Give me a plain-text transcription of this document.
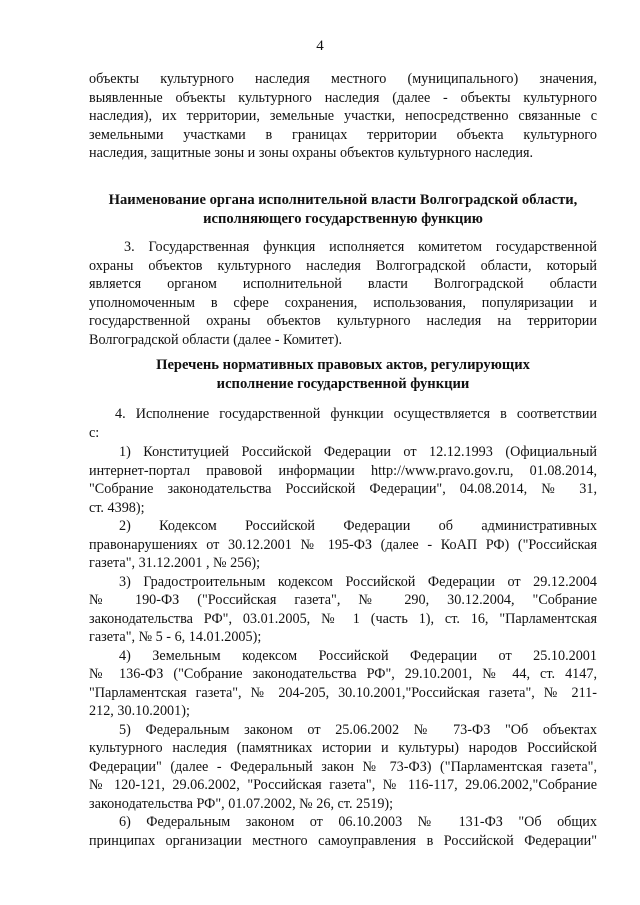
4
объекты культурного наследия местного (муниципального) значения,
выявленные объекты культурного наследия (далее - объекты культурного
наследия), их территории, земельные участки, непосредственно связанные с
земельными участками в границах территории объекта культурного
наследия, защитные зоны и зоны охраны объектов культурного наследия.
Наименование органа исполнительной власти Волгоградской области,
исполняющего государственную функцию
3. Государственная функция исполняется комитетом государственной
охраны объектов культурного наследия Волгоградской области, который
является органом исполнительной власти Волгоградской области
уполномоченным в сфере сохранения, использования, популяризации и
государственной охраны объектов культурного наследия на территории
Волгоградской области (далее - Комитет).
Перечень нормативных правовых актов, регулирующих
исполнение государственной функции
4. Исполнение государственной функции осуществляется в соответствии
с:
1) Конституцией Российской Федерации от 12.12.1993 (Официальный
интернет-портал правовой информации http://www.pravo.gov.ru, 01.08.2014,
"Собрание законодательства Российской Федерации", 04.08.2014, № 31,
ст. 4398);
2) Кодексом Российской Федерации об административных
правонарушениях от 30.12.2001 № 195-ФЗ (далее - КоАП РФ) ("Российская
газета", 31.12.2001 , № 256);
3) Градостроительным кодексом Российской Федерации от 29.12.2004
№ 190-ФЗ ("Российская газета", № 290, 30.12.2004, "Собрание
законодательства РФ", 03.01.2005, № 1 (часть 1), ст. 16, "Парламентская
газета", № 5 - 6, 14.01.2005);
4) Земельным кодексом Российской Федерации от 25.10.2001
№ 136-ФЗ ("Собрание законодательства РФ", 29.10.2001, № 44, ст. 4147,
"Парламентская газета", № 204-205, 30.10.2001,"Российская газета", № 211-
212, 30.10.2001);
5) Федеральным законом от 25.06.2002 № 73-ФЗ "Об объектах
культурного наследия (памятниках истории и культуры) народов Российской
Федерации" (далее - Федеральный закон № 73-ФЗ) ("Парламентская газета",
№ 120-121, 29.06.2002, "Российская газета", № 116-117, 29.06.2002,"Собрание
законодательства РФ", 01.07.2002, № 26, ст. 2519);
6) Федеральным законом от 06.10.2003 № 131-ФЗ "Об общих
принципах организации местного самоуправления в Российской Федерации"
